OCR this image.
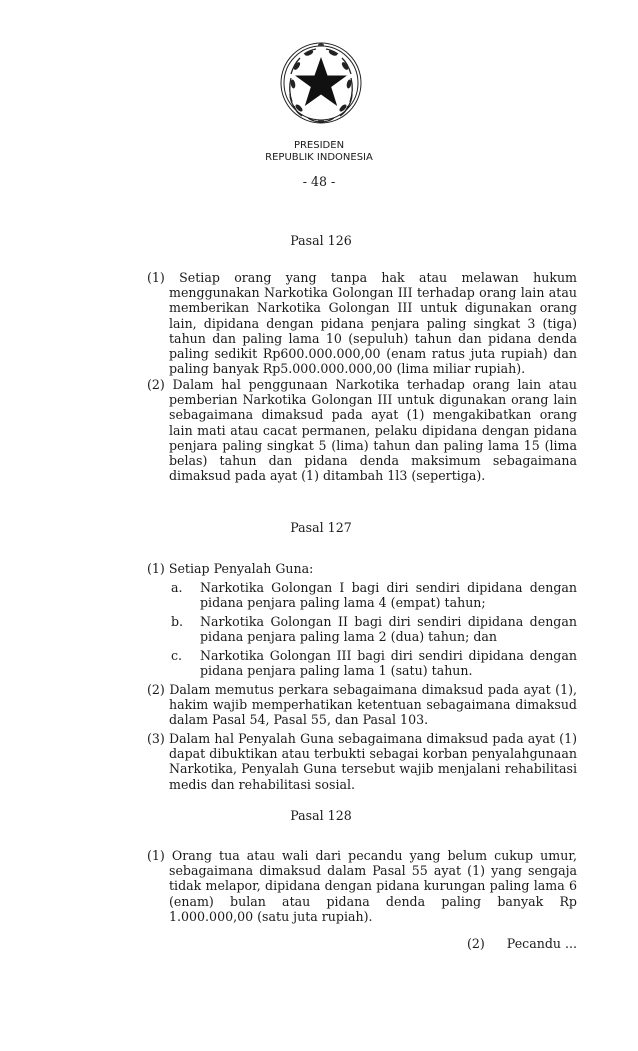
PRESIDEN
REPUBLIK INDONESIA
- 48 -
Pasal 126
(1) Setiap orang yang tanpa hak atau melawan hukum menggunakan Narkotika Golongan III terhadap orang lain atau memberikan Narkotika Golongan III untuk digunakan orang lain, dipidana dengan pidana penjara paling singkat 3 (tiga) tahun dan paling lama 10 (sepuluh) tahun dan pidana denda paling sedikit Rp600.000.000,00 (enam ratus juta rupiah) dan paling banyak Rp5.000.000.000,00 (lima miliar rupiah).
(2) Dalam hal penggunaan Narkotika terhadap orang lain atau pemberian Narkotika Golongan III untuk digunakan orang lain sebagaimana dimaksud pada ayat (1) mengakibatkan orang lain mati atau cacat permanen, pelaku dipidana dengan pidana penjara paling singkat 5 (lima) tahun dan paling lama 15 (lima belas) tahun dan pidana denda maksimum sebagaimana dimaksud pada ayat (1) ditambah 1l3 (sepertiga).
Pasal 127
(1) Setiap Penyalah Guna:
a. Narkotika Golongan I bagi diri sendiri dipidana dengan pidana penjara paling lama 4 (empat) tahun;
b. Narkotika Golongan II bagi diri sendiri dipidana dengan pidana penjara paling lama 2 (dua) tahun; dan
c. Narkotika Golongan III bagi diri sendiri dipidana dengan pidana penjara paling lama 1 (satu) tahun.
(2) Dalam memutus perkara sebagaimana dimaksud pada ayat (1), hakim wajib memperhatikan ketentuan sebagaimana dimaksud dalam Pasal 54, Pasal 55, dan Pasal 103.
(3) Dalam hal Penyalah Guna sebagaimana dimaksud pada ayat (1) dapat dibuktikan atau terbukti sebagai korban penyalahgunaan Narkotika, Penyalah Guna tersebut wajib menjalani rehabilitasi medis dan rehabilitasi sosial.
Pasal 128
(1) Orang tua atau wali dari pecandu yang belum cukup umur, sebagaimana dimaksud dalam Pasal 55 ayat (1) yang sengaja tidak melapor, dipidana dengan pidana kurungan paling lama 6 (enam) bulan atau pidana denda paling banyak Rp 1.000.000,00 (satu juta rupiah).
(2) Pecandu ...
